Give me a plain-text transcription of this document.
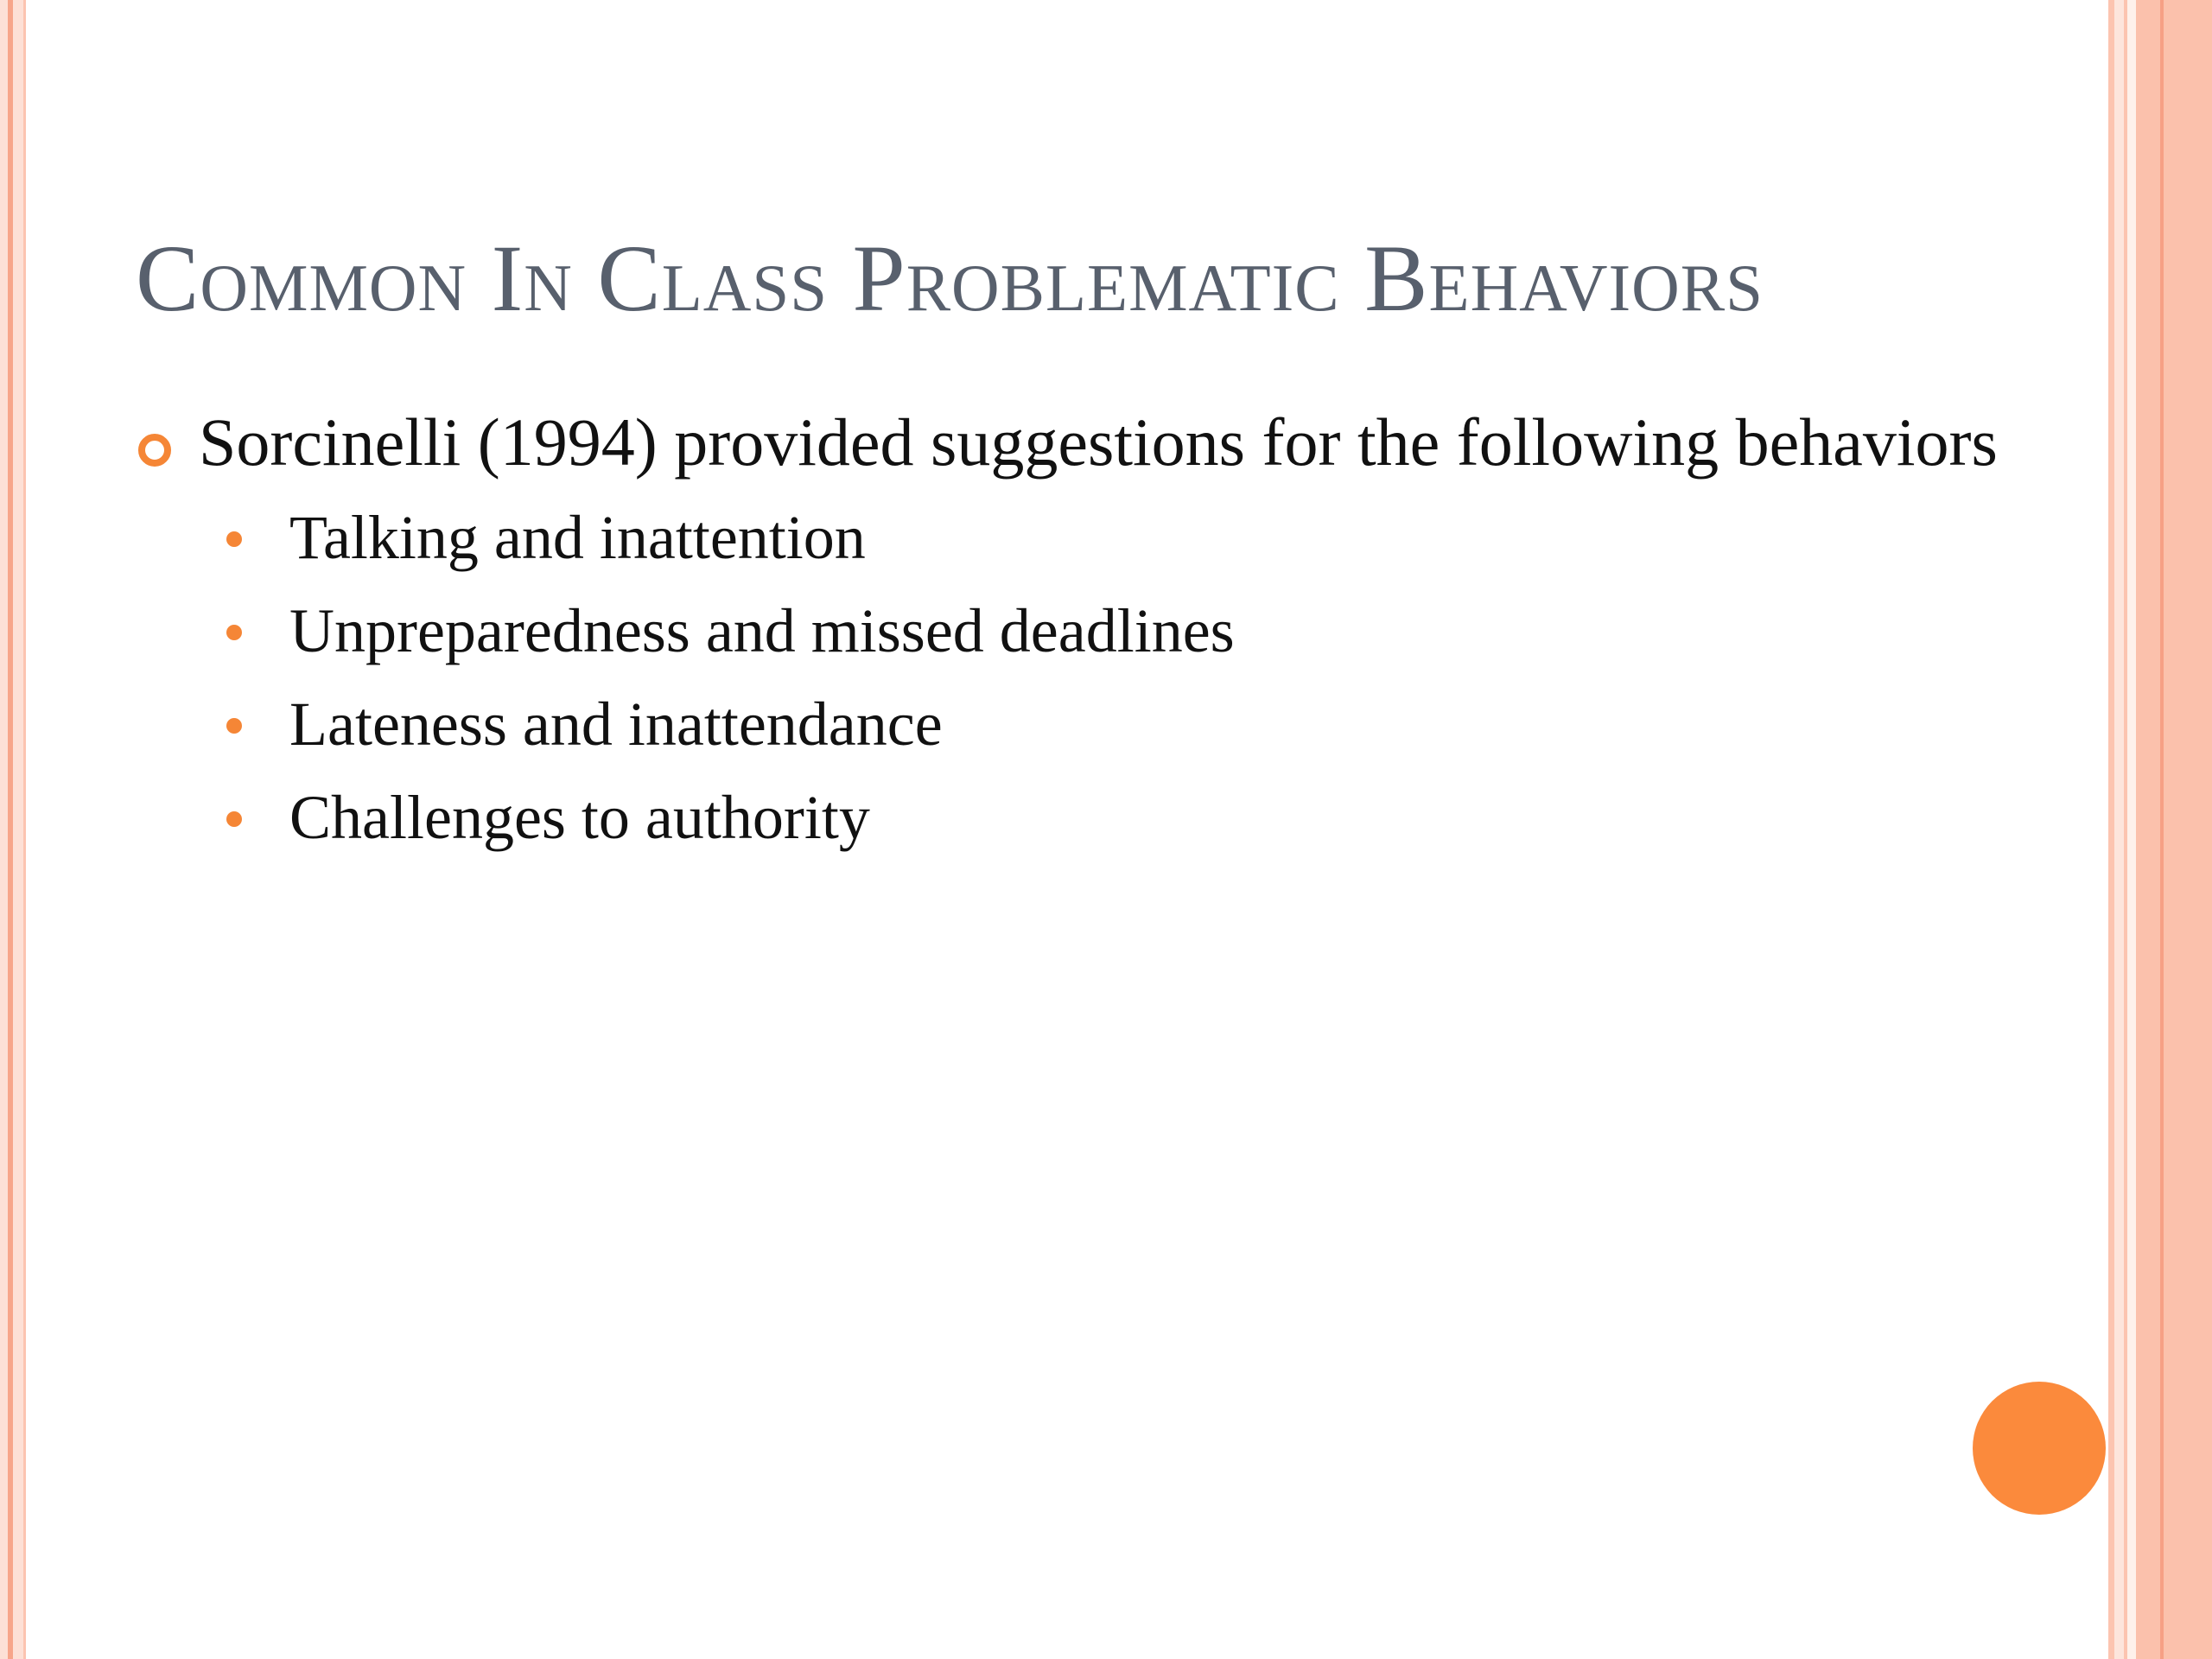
Common In Class Problematic Behaviors
Sorcinelli (1994) provided suggestions for the following behaviors
Talking and inattention
Unpreparedness and missed deadlines
Lateness and inattendance
Challenges to authority
